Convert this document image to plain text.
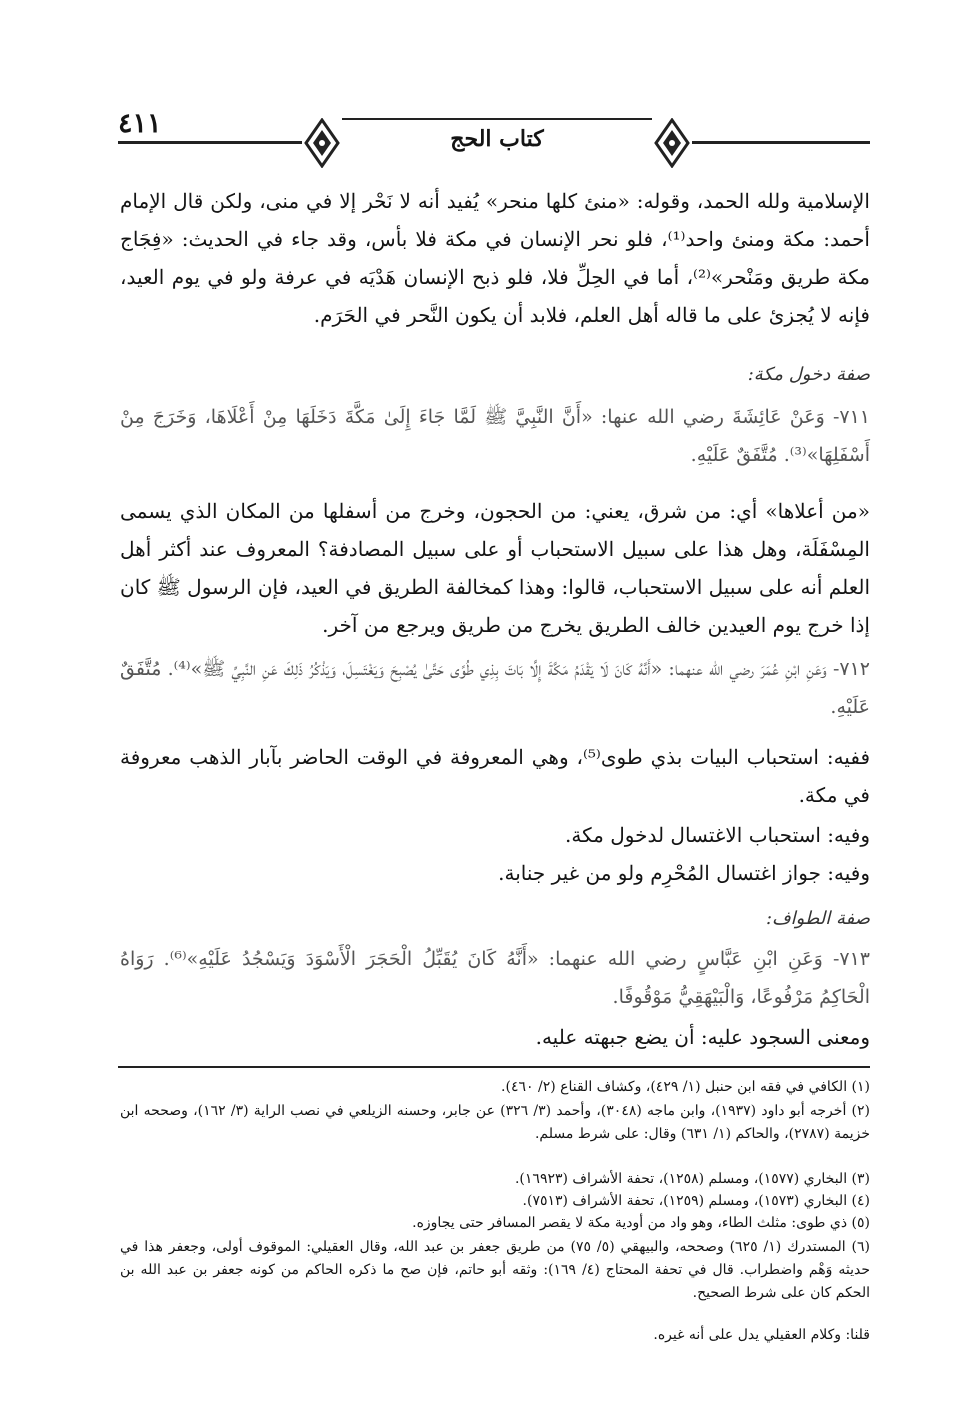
٤١١	كتاب الحج
الإسلامية ولله الحمد، وقوله: «منئ كلها منحر» يُفيد أنه لا نَحْر إلا في منى، ولكن قال الإمام أحمد: مكة ومنئ واحد⁽¹⁾، فلو نحر الإنسان في مكة فلا بأس، وقد جاء في الحديث: «فِجَاج مكة طريق ومَنْحر»⁽²⁾، أما في الحِلِّ فلا، فلو ذبح الإنسان هَدْيَه في عرفة ولو في يوم العيد، فإنه لا يُجزئ على ما قاله أهل العلم، فلابد أن يكون النَّحر في الحَرَم.
صفة دخول مكة:
٧١١- وَعَنْ عَائِشَةَ رضي الله عنها: «أَنَّ النَّبِيَّ ﷺ لَمَّا جَاءَ إِلَىٰ مَكَّةَ دَخَلَهَا مِنْ أَعْلَاهَا، وَخَرَجَ مِنْ أَسْفَلِهَا»⁽³⁾. مُتَّفَقٌ عَلَيْهِ.
«من أعلاها» أي: من شرق، يعني: من الحجون، وخرج من أسفلها من المكان الذي يسمى المِسْفَلَة، وهل هذا على سبيل الاستحباب أو على سبيل المصادفة؟ المعروف عند أكثر أهل العلم أنه على سبيل الاستحباب، قالوا: وهذا كمخالفة الطريق في العيد، فإن الرسول ﷺ كان إذا خرج يوم العيدين خالف الطريق يخرج من طريق ويرجع من آخر.
٧١٢- وَعَنِ ابْنِ عُمَرَ رضي الله عنهما: «أَنَّهُ كَانَ لَا يَقْدَمُ مَكَّةَ إِلَّا بَاتَ بِذِي طُوًى حَتَّىٰ يُصْبِحَ وَيَغْتَسِلَ، وَيَذْكُرُ ذَلِكَ عَنِ النَّبِيِّ ﷺ»⁽⁴⁾. مُتَّفَقٌ عَلَيْهِ.
ففيه: استحباب البيات بذي طوى⁽⁵⁾، وهي المعروفة في الوقت الحاضر بآبار الذهب معروفة في مكة.
وفيه: استحباب الاغتسال لدخول مكة.
وفيه: جواز اغتسال المُحْرِم ولو من غير جنابة.
صفة الطواف:
٧١٣- وَعَنِ ابْنِ عَبَّاسٍ رضي الله عنهما: «أَنَّهُ كَانَ يُقَبِّلُ الْحَجَرَ الْأَسْوَدَ وَيَسْجُدُ عَلَيْهِ»⁽⁶⁾. رَوَاهُ الْحَاكِمُ مَرْفُوعًا، وَالْبَيْهَقِيُّ مَوْقُوفًا.
ومعنى السجود عليه: أن يضع جبهته عليه.
(١) الكافي في فقه ابن حنبل (١/ ٤٢٩)، وكشاف القناع (٢/ ٤٦٠).
(٢) أخرجه أبو داود (١٩٣٧)، وابن ماجه (٣٠٤٨)، وأحمد (٣/ ٣٢٦) عن جابر، وحسنه الزيلعي في نصب الراية (٣/ ١٦٢)، وصححه ابن خزيمة (٢٧٨٧)، والحاكم (١/ ٦٣١) وقال: على شرط مسلم.
(٣) البخاري (١٥٧٧)، ومسلم (١٢٥٨)، تحفة الأشراف (١٦٩٢٣).
(٤) البخاري (١٥٧٣)، ومسلم (١٢٥٩)، تحفة الأشراف (٧٥١٣).
(٥) ذي طوى: مثلث الطاء، وهو واد من أودية مكة لا يقصر المسافر حتى يجاوزه.
(٦) المستدرك (١/ ٦٢٥) وصححه، والبيهقي (٥/ ٧٥) من طريق جعفر بن عبد الله، وقال العقيلي: الموقوف أولى، وجعفر هذا في حديثه وَهْم واضطراب. قال في تحفة المحتاج (٤/ ١٦٩): وثقه أبو حاتم، فإن صح ما ذكره الحاكم من كونه جعفر بن عبد الله بن الحكم كان على شرط الصحيح.
قلنا: وكلام العقيلي يدل على أنه غيره.
